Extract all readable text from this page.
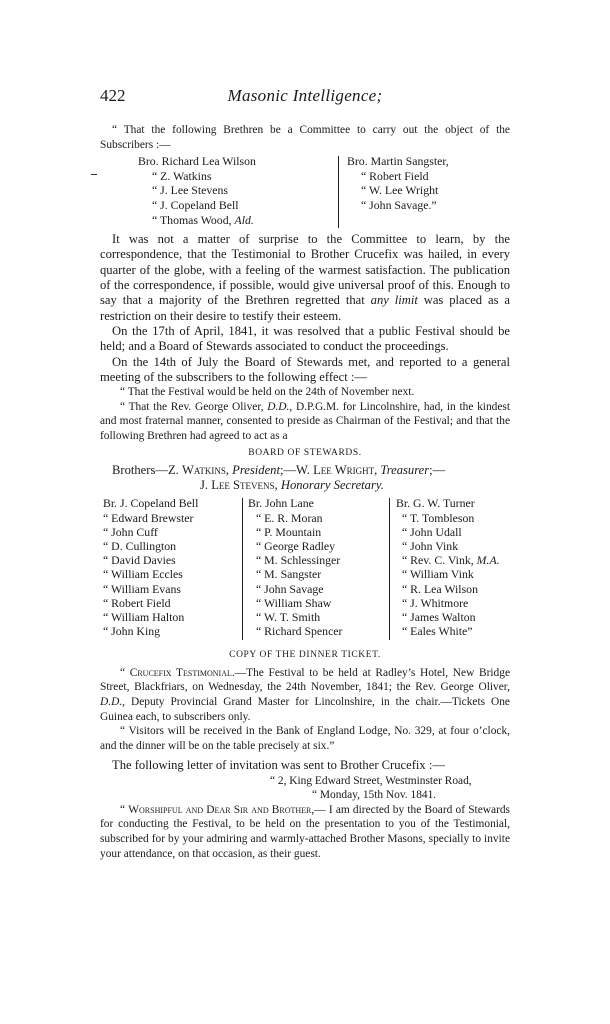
422	Masonic Intelligence;

“ That the following Brethren be a Committee to carry out the object of the Subscribers :—

Bro. Richard Lea Wilson
“ Z. Watkins
“ J. Lee Stevens
“ J. Copeland Bell
“ Thomas Wood, Ald.
Bro. Martin Sangster,
“ Robert Field
“ W. Lee Wright
“ John Savage.”

It was not a matter of surprise to the Committee to learn, by the correspondence, that the Testimonial to Brother Crucefix was hailed, in every quarter of the globe, with a feeling of the warmest satisfaction. The publication of the correspondence, if possible, would give universal proof of this. Enough to say that a majority of the Brethren regretted that any limit was placed as a restriction on their desire to testify their esteem.

On the 17th of April, 1841, it was resolved that a public Festival should be held; and a Board of Stewards associated to conduct the proceedings.

On the 14th of July the Board of Stewards met, and reported to a general meeting of the subscribers to the following effect :—

“ That the Festival would be held on the 24th of November next.

“ That the Rev. George Oliver, D.D., D.P.G.M. for Lincolnshire, had, in the kindest and most fraternal manner, consented to preside as Chairman of the Festival; and that the following Brethren had agreed to act as a

BOARD OF STEWARDS.

Brothers—Z. Watkins, President;—W. Lee Wright, Treasurer;—

J. Lee Stevens, Honorary Secretary.

Br. J. Copeland Bell
“ Edward Brewster
“ John Cuff
“ D. Cullington
“ David Davies
“ William Eccles
“ William Evans
“ Robert Field
“ William Halton
“ John King
Br. John Lane
“ E. R. Moran
“ P. Mountain
“ George Radley
“ M. Schlessinger
“ M. Sangster
“ John Savage
“ William Shaw
“ W. T. Smith
“ Richard Spencer
Br. G. W. Turner
“ T. Tombleson
“ John Udall
“ John Vink
“ Rev. C. Vink, M.A.
“ William Vink
“ R. Lea Wilson
“ J. Whitmore
“ James Walton
“ Eales White”
COPY OF THE DINNER TICKET.

“ Crucefix Testimonial.—The Festival to be held at Radley’s Hotel, New Bridge Street, Blackfriars, on Wednesday, the 24th November, 1841; the Rev. George Oliver, D.D., Deputy Provincial Grand Master for Lincolnshire, in the chair.—Tickets One Guinea each, to subscribers only.

“ Visitors will be received in the Bank of England Lodge, No. 329, at four o’clock, and the dinner will be on the table precisely at six.”

The following letter of invitation was sent to Brother Crucefix :—

“ 2, King Edward Street, Westminster Road,
“ Monday, 15th Nov. 1841.

“ Worshipful and Dear Sir and Brother,— I am directed by the Board of Stewards for conducting the Festival, to be held on the presentation to you of the Testimonial, subscribed for by your admiring and warmly-attached Brother Masons, specially to invite your attendance, on that occasion, as their guest.
